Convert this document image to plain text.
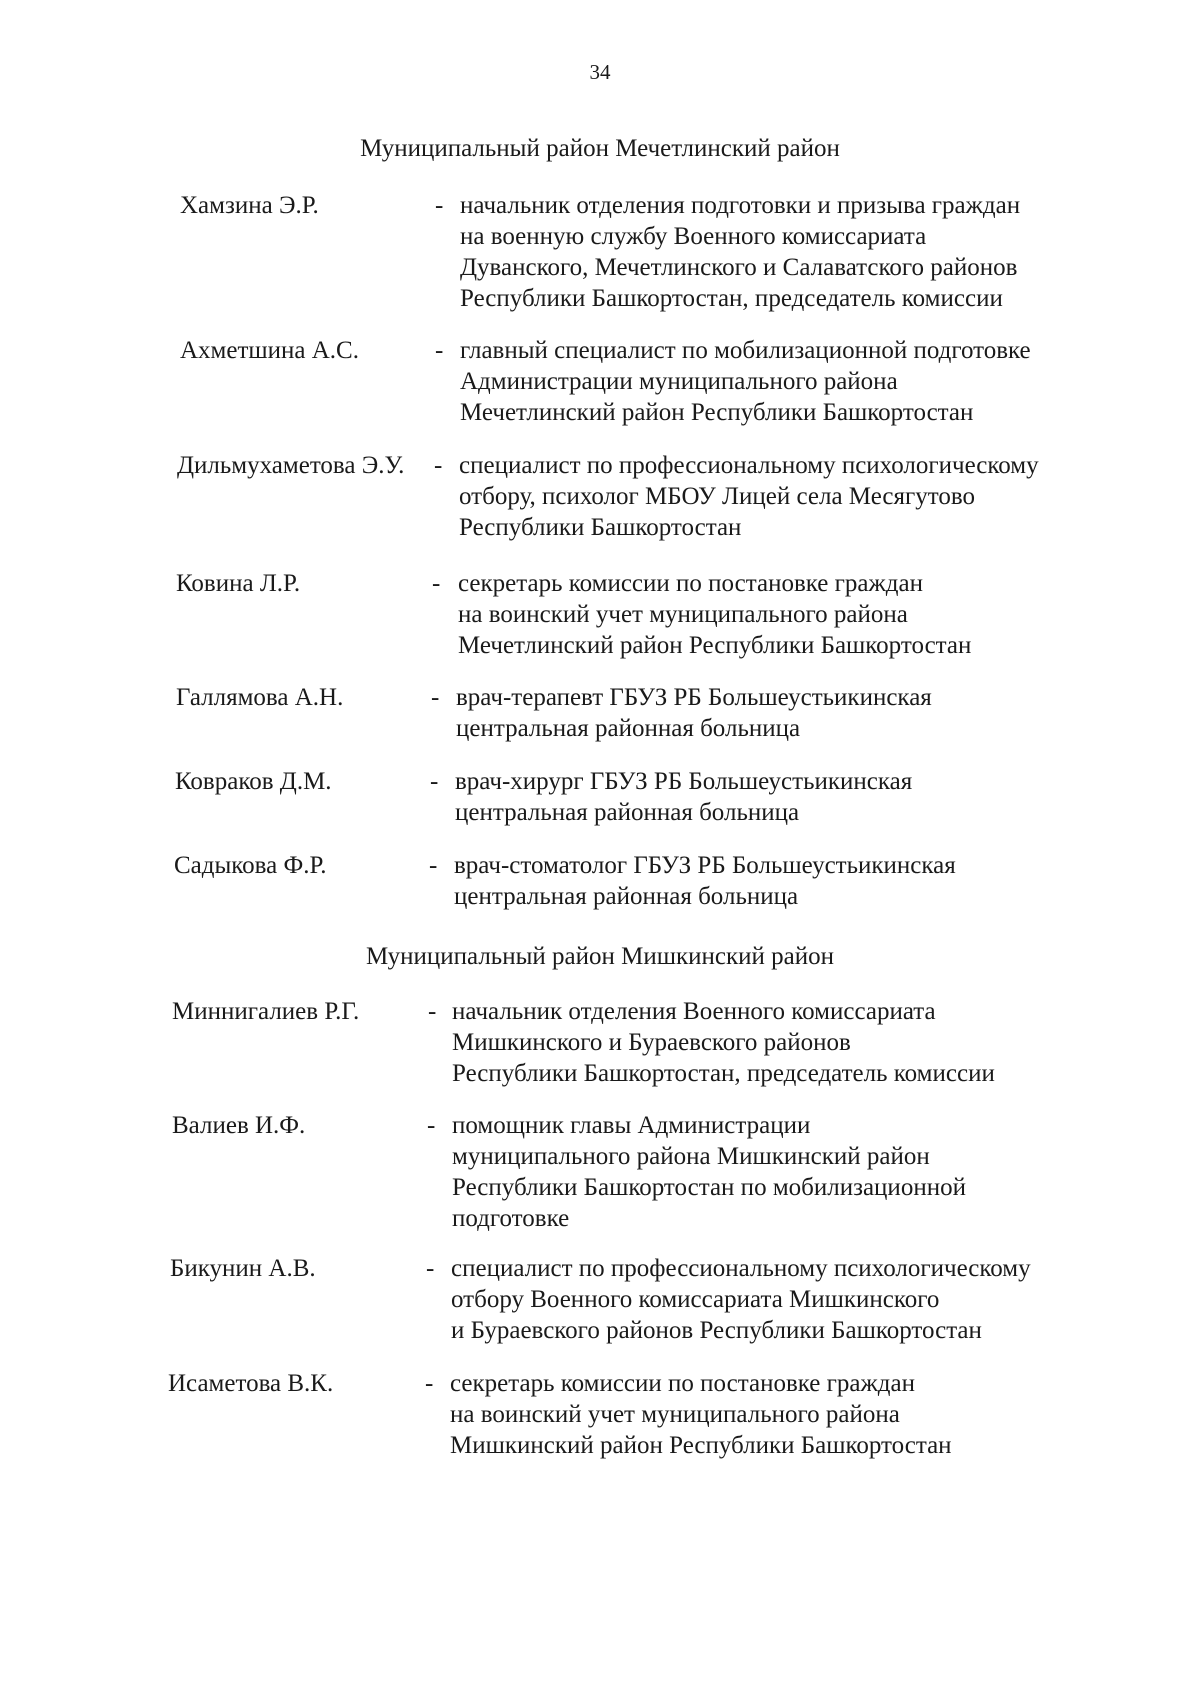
34
Муниципальный район Мечетлинский район
Хамзина Э.Р.	- начальник отделения подготовки и призыва граждан
на военную службу Военного комиссариата
Дуванского, Мечетлинского и Салаватского районов
Республики Башкортостан, председатель комиссии
Ахметшина А.С.	- главный специалист по мобилизационной подготовке
Администрации муниципального района
Мечетлинский район Республики Башкортостан
Дильмухаметова Э.У. - специалист по профессиональному психологическому
отбору, психолог МБОУ Лицей села Месягутово
Республики Башкортостан
Ковина Л.Р.	- секретарь комиссии по постановке граждан
на воинский учет муниципального района
Мечетлинский район Республики Башкортостан
Галлямова А.Н.	- врач-терапевт ГБУЗ РБ Большеустьикинская
центральная районная больница
Ковраков Д.М.	- врач-хирург ГБУЗ РБ Большеустьикинская
центральная районная больница
Садыкова Ф.Р.	- врач-стоматолог ГБУЗ РБ Большеустьикинская
центральная районная больница
Муниципальный район Мишкинский район
Миннигалиев Р.Г.	- начальник отделения Военного комиссариата
Мишкинского и Бураевского районов
Республики Башкортостан, председатель комиссии
Валиев И.Ф.	- помощник главы Администрации
муниципального района Мишкинский район
Республики Башкортостан по мобилизационной
подготовке
Бикунин А.В.	- специалист по профессиональному психологическому
отбору Военного комиссариата Мишкинского
и Бураевского районов Республики Башкортостан
Исаметова В.К.	- секретарь комиссии по постановке граждан
на воинский учет муниципального района
Мишкинский район Республики Башкортостан
